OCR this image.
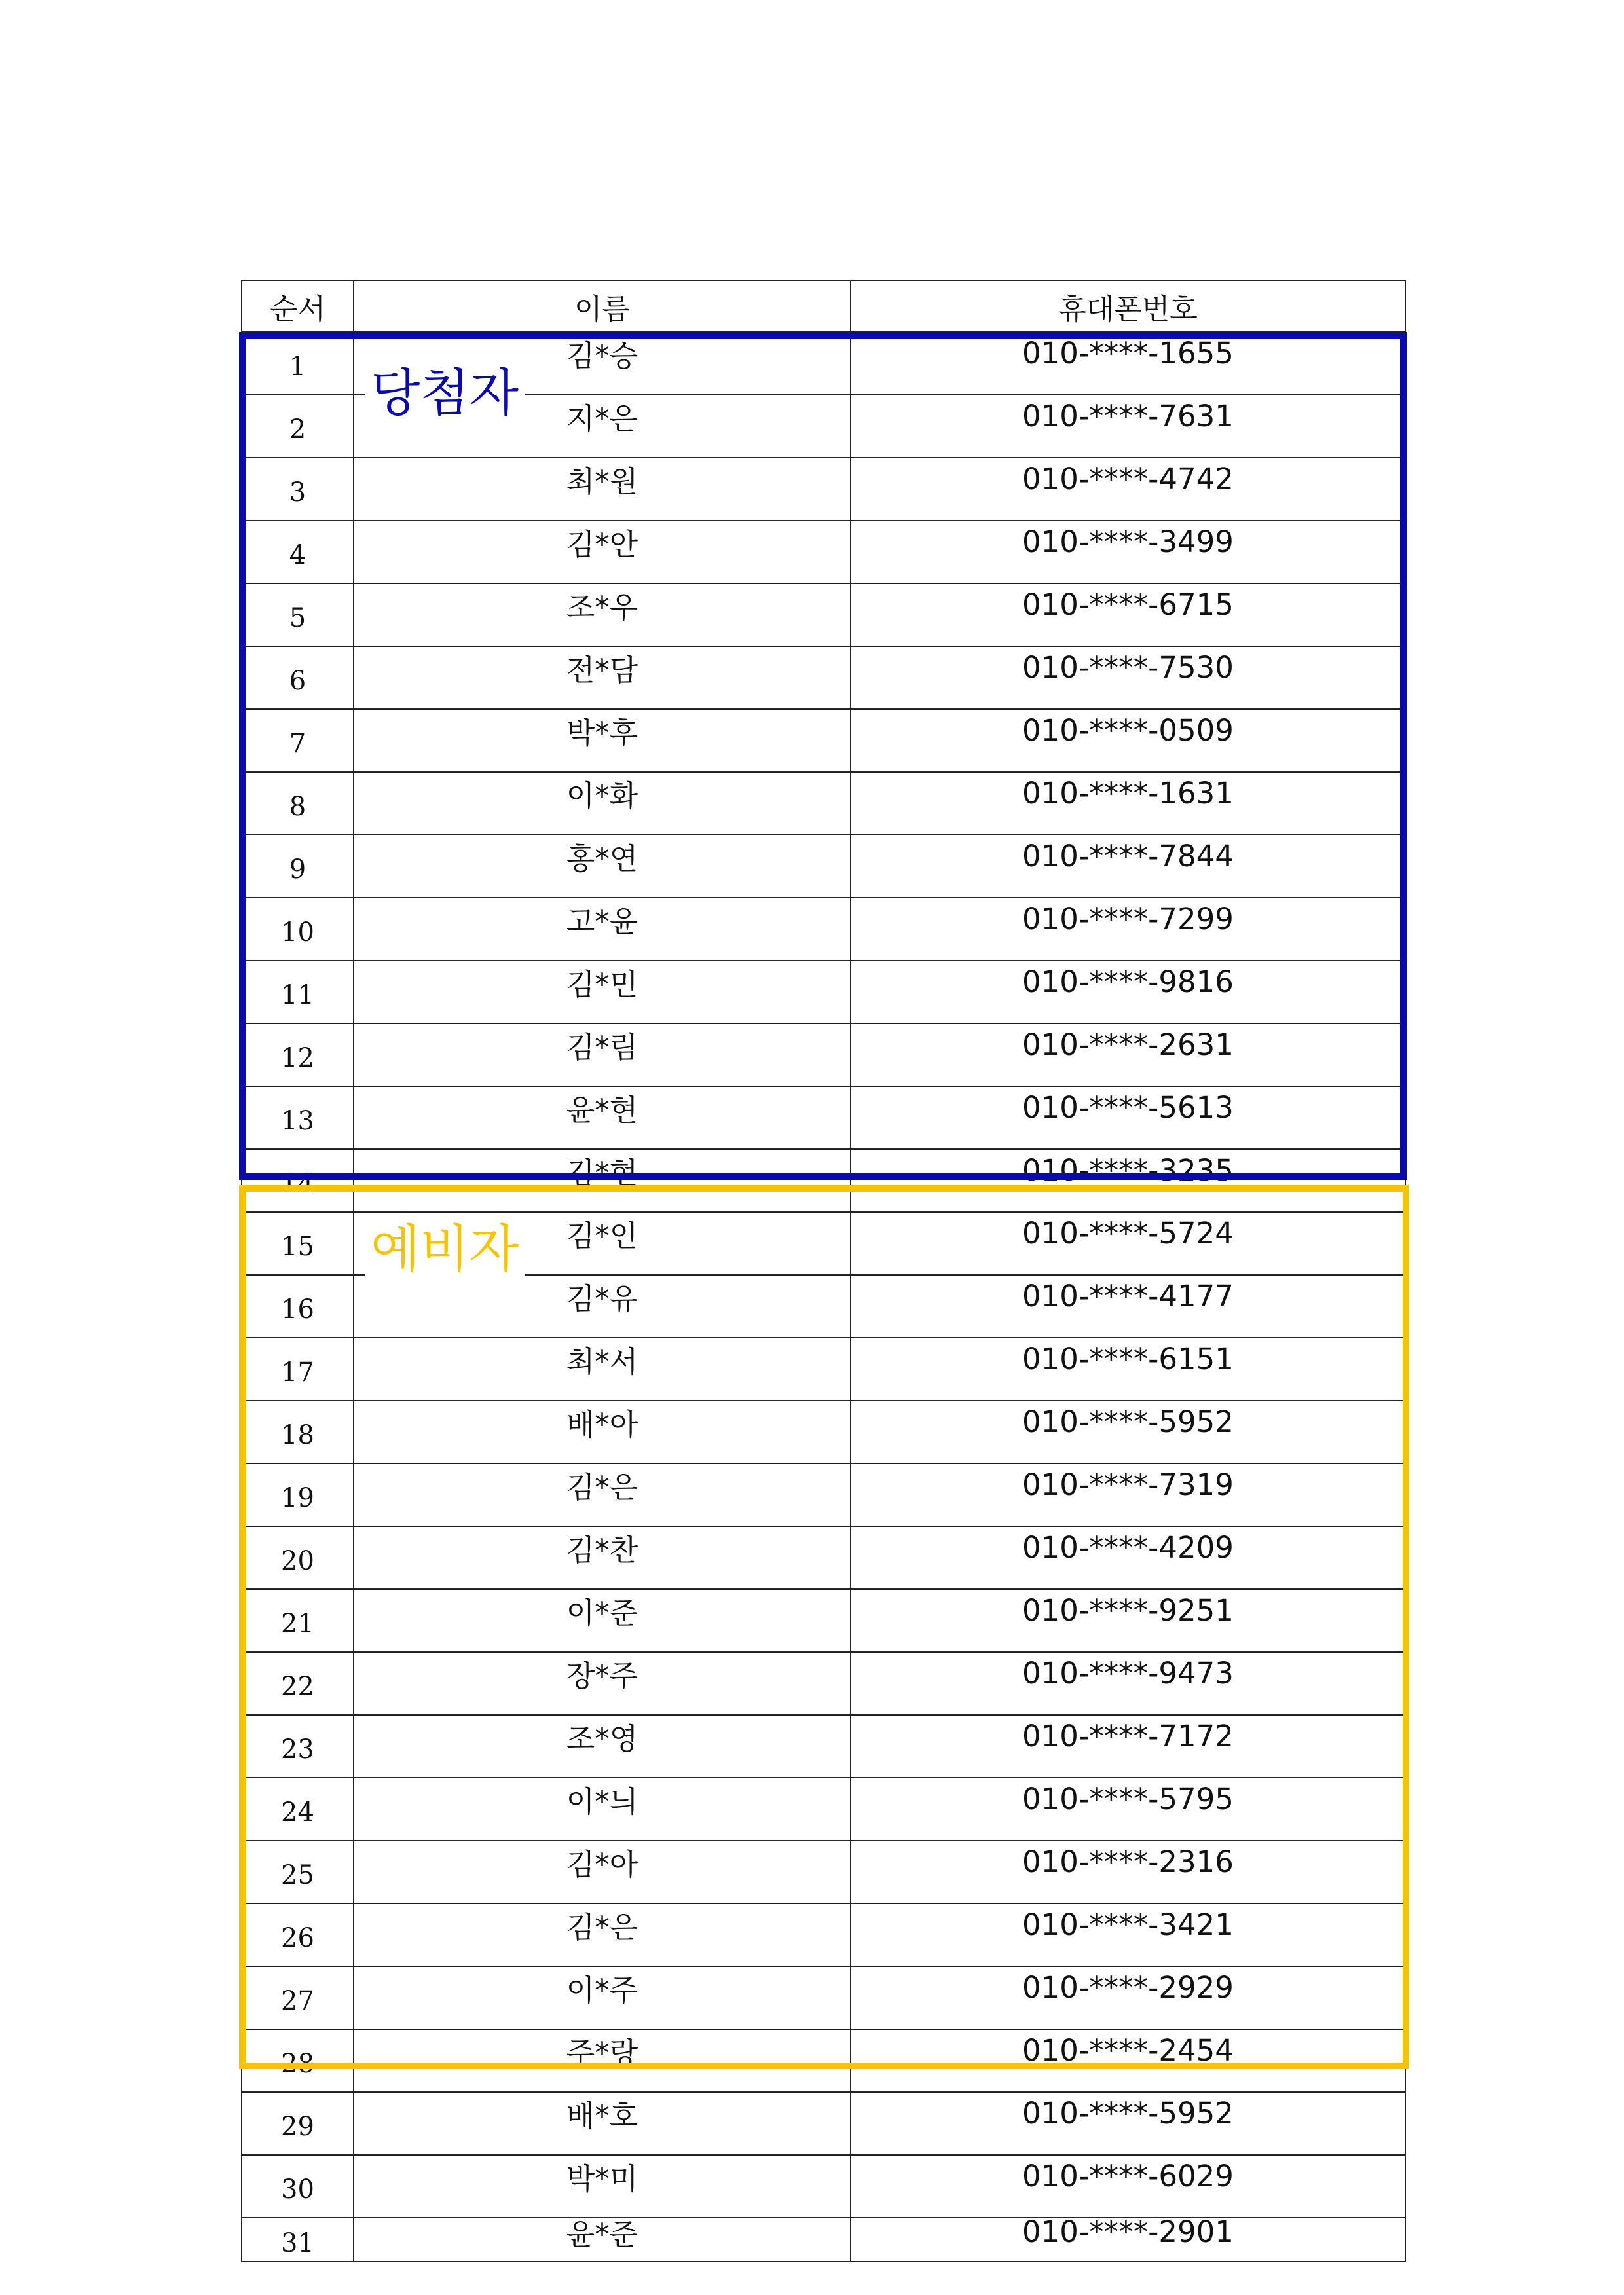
순서	이름	휴대폰번호
1	김*승	010-****-1655
2	지*은	010-****-7631
3	최*원	010-****-4742
4	김*안	010-****-3499
5	조*우	010-****-6715
6	전*담	010-****-7530
7	박*후	010-****-0509
8	이*화	010-****-1631
9	홍*연	010-****-7844
10	고*윤	010-****-7299
11	김*민	010-****-9816
12	김*림	010-****-2631
13	윤*현	010-****-5613
14	김*현	010-****-3235
15	김*인	010-****-5724
16	김*유	010-****-4177
17	최*서	010-****-6151
18	배*아	010-****-5952
19	김*은	010-****-7319
20	김*찬	010-****-4209
21	이*준	010-****-9251
22	장*주	010-****-9473
23	조*영	010-****-7172
24	이*늬	010-****-5795
25	김*아	010-****-2316
26	김*은	010-****-3421
27	이*주	010-****-2929
28	주*랑	010-****-2454
29	배*호	010-****-5952
30	박*미	010-****-6029
31	윤*준	010-****-2901
당첨자
예비자
